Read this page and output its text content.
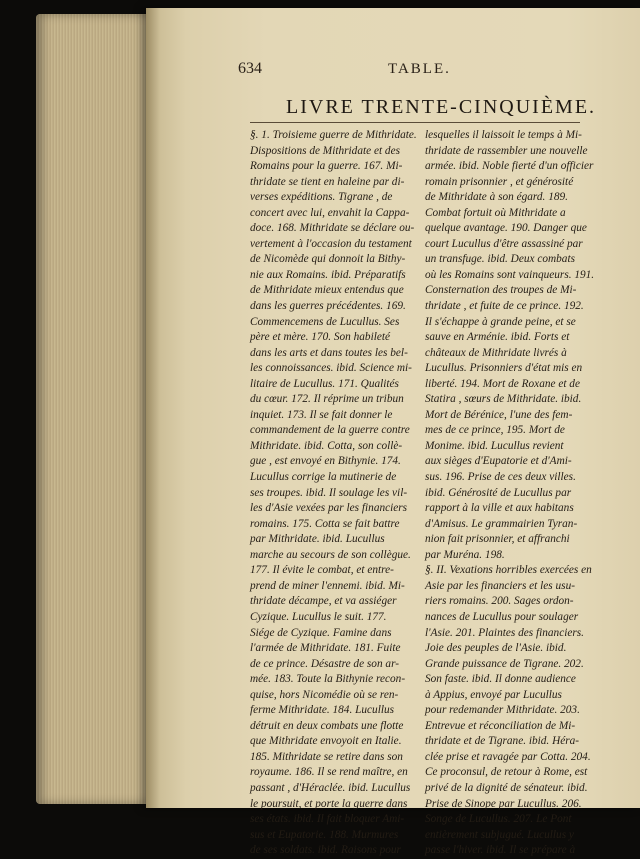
634	TABLE.
LIVRE TRENTE-CINQUIÈME.
§. 1. Troisieme guerre de Mithridate.
Dispositions de Mithridate et des
Romains pour la guerre. 167. Mi-
thridate se tient en haleine par di-
verses expéditions. Tigrane , de
concert avec lui, envahit la Cappa-
doce. 168. Mithridate se déclare ou-
vertement à l'occasion du testament
de Nicomède qui donnoit la Bithy-
nie aux Romains. ibid. Préparatifs
de Mithridate mieux entendus que
dans les guerres précédentes. 169.
Commencemens de Lucullus. Ses
père et mère. 170. Son habileté
dans les arts et dans toutes les bel-
les connoissances. ibid. Science mi-
litaire de Lucullus. 171. Qualités
du cœur. 172. Il réprime un tribun
inquiet. 173. Il se fait donner le
commandement de la guerre contre
Mithridate. ibid. Cotta, son collè-
gue , est envoyé en Bithynie. 174.
Lucullus corrige la mutinerie de
ses troupes. ibid. Il soulage les vil-
les d'Asie vexées par les financiers
romains. 175. Cotta se fait battre
par Mithridate. ibid. Lucullus
marche au secours de son collègue.
177. Il évite le combat, et entre-
prend de miner l'ennemi. ibid. Mi-
thridate décampe, et va assiéger
Cyzique. Lucullus le suit. 177.
Siége de Cyzique. Famine dans
l'armée de Mithridate. 181. Fuite
de ce prince. Désastre de son ar-
mée. 183. Toute la Bithynie recon-
quise, hors Nicomédie où se ren-
ferme Mithridate. 184. Lucullus
détruit en deux combats une flotte
que Mithridate envoyoit en Italie.
185. Mithridate se retire dans son
royaume. 186. Il se rend maître, en
passant , d'Héraclée. ibid. Lucullus
le poursuit, et porte la guerre dans
ses états. ibid. Il fait bloquer Ami-
sus et Eupatorie. 188. Murmures
de ses soldats. ibid. Raisons pour
lesquelles il laissoit le temps à Mi-
thridate de rassembler une nouvelle
armée. ibid. Noble fierté d'un officier
romain prisonnier , et générosité
de Mithridate à son égard. 189.
Combat fortuit où Mithridate a
quelque avantage. 190. Danger que
court Lucullus d'être assassiné par
un transfuge. ibid. Deux combats
où les Romains sont vainqueurs. 191.
Consternation des troupes de Mi-
thridate , et fuite de ce prince. 192.
Il s'échappe à grande peine, et se
sauve en Arménie. ibid. Forts et
châteaux de Mithridate livrés à
Lucullus. Prisonniers d'état mis en
liberté. 194. Mort de Roxane et de
Statira , sœurs de Mithridate. ibid.
Mort de Bérénice, l'une des fem-
mes de ce prince, 195. Mort de
Monime. ibid. Lucullus revient
aux sièges d'Eupatorie et d'Ami-
sus. 196. Prise de ces deux villes.
ibid. Générosité de Lucullus par
rapport à la ville et aux habitans
d'Amisus. Le grammairien Tyran-
nion fait prisonnier, et affranchi
par Muréna. 198.
§. II. Vexations horribles exercées en
Asie par les financiers et les usu-
riers romains. 200. Sages ordon-
nances de Lucullus pour soulager
l'Asie. 201. Plaintes des financiers.
Joie des peuples de l'Asie. ibid.
Grande puissance de Tigrane. 202.
Son faste. ibid. Il donne audience
à Appius, envoyé par Lucullus
pour redemander Mithridate. 203.
Entrevue et réconciliation de Mi-
thridate et de Tigrane. ibid. Héra-
clée prise et ravagée par Cotta. 204.
Ce proconsul, de retour à Rome, est
privé de la dignité de sénateur. ibid.
Prise de Sinope par Lucullus. 206.
Songe de Lucullus. 207. Le Pont
entièrement subjugué. Lucullus y
passe l'hiver. ibid. Il se prépare à
